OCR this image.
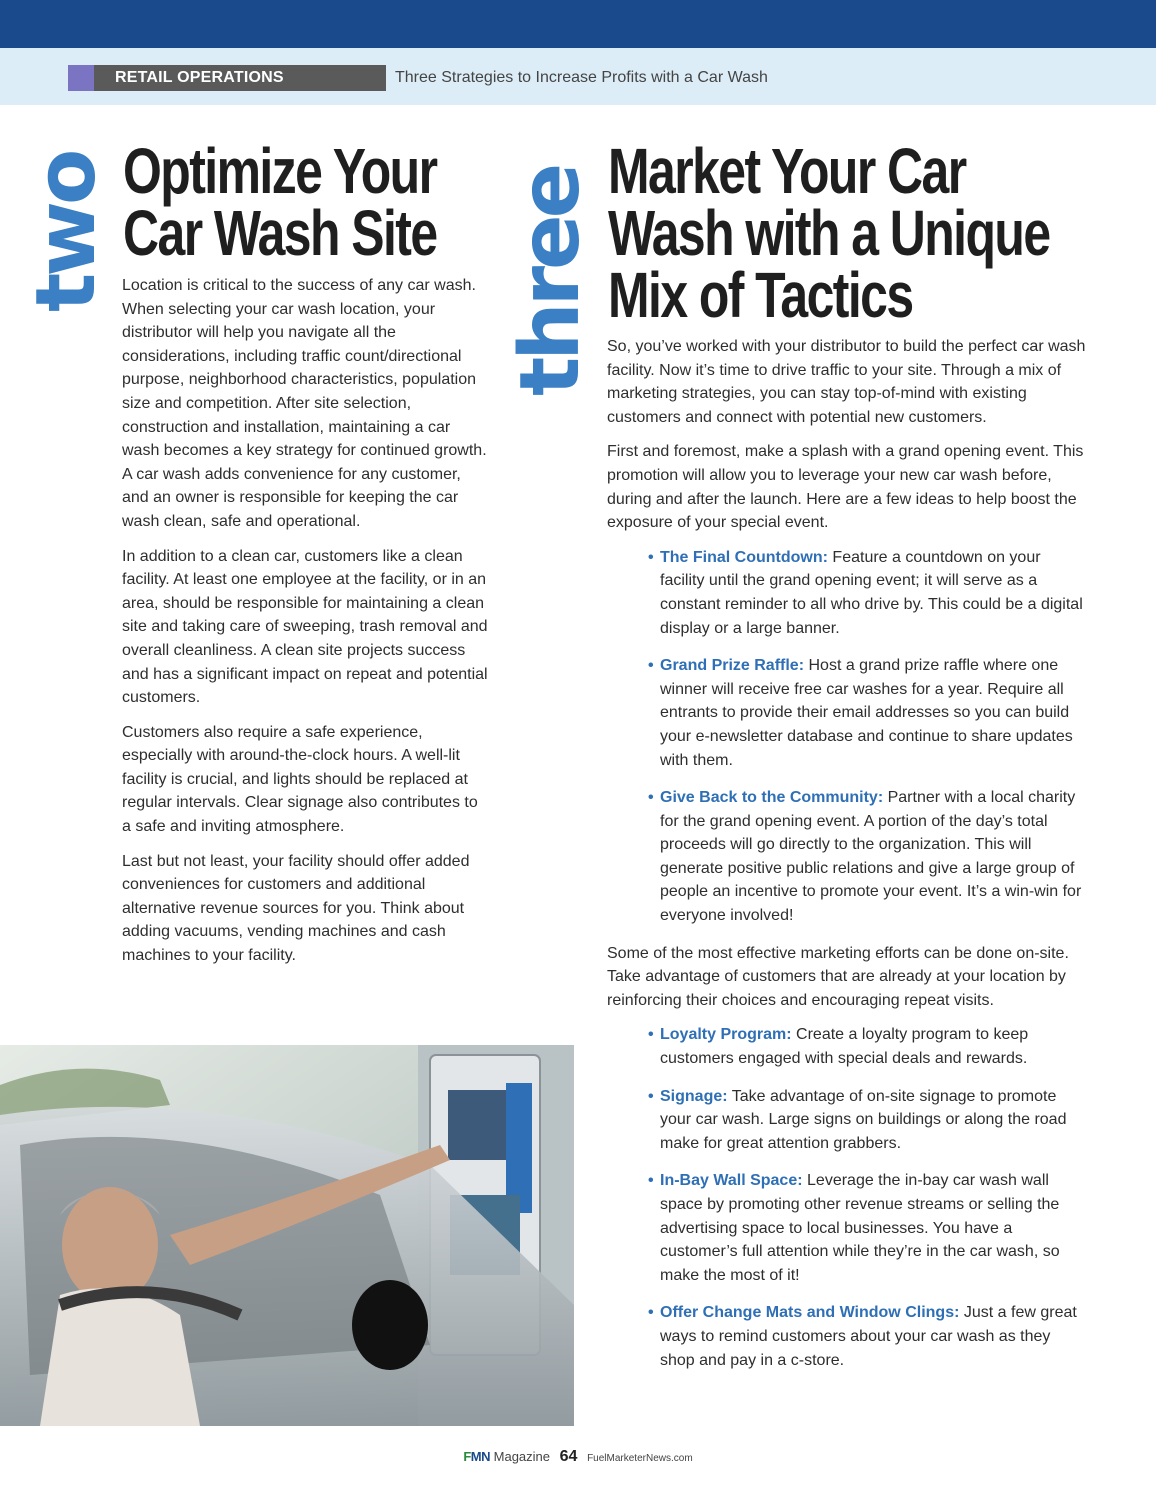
RETAIL OPERATIONS	Three Strategies to Increase Profits with a Car Wash
two Optimize Your
Car Wash Site

Location is critical to the success of any car wash. When selecting your car wash location, your distributor will help you navigate all the considerations, including traffic count/directional purpose, neighborhood characteristics, population size and competition. After site selection, construction and installation, maintaining a car wash becomes a key strategy for continued growth. A car wash adds convenience for any customer, and an owner is responsible for keeping the car wash clean, safe and operational.

In addition to a clean car, customers like a clean facility. At least one employee at the facility, or in an area, should be responsible for maintaining a clean site and taking care of sweeping, trash removal and overall cleanliness. A clean site projects success and has a significant impact on repeat and potential customers.

Customers also require a safe experience, especially with around-the-clock hours. A well-lit facility is crucial, and lights should be replaced at regular intervals. Clear signage also contributes to a safe and inviting atmosphere.

Last but not least, your facility should offer added conveniences for customers and additional alternative revenue sources for you. Think about adding vacuums, vending machines and cash machines to your facility.

three Market Your Car
Wash with a Unique
Mix of Tactics

So, you’ve worked with your distributor to build the perfect car wash facility. Now it’s time to drive traffic to your site. Through a mix of marketing strategies, you can stay top-of-mind with existing customers and connect with potential new customers.

First and foremost, make a splash with a grand opening event. This promotion will allow you to leverage your new car wash before, during and after the launch. Here are a few ideas to help boost the exposure of your special event.

• The Final Countdown: Feature a countdown on your facility until the grand opening event; it will serve as a constant reminder to all who drive by. This could be a digital display or a large banner.
• Grand Prize Raffle: Host a grand prize raffle where one winner will receive free car washes for a year. Require all entrants to provide their email addresses so you can build your e-newsletter database and continue to share updates with them.
• Give Back to the Community: Partner with a local charity for the grand opening event. A portion of the day’s total proceeds will go directly to the organization. This will generate positive public relations and give a large group of people an incentive to promote your event. It’s a win-win for everyone involved!

Some of the most effective marketing efforts can be done on-site. Take advantage of customers that are already at your location by reinforcing their choices and encouraging repeat visits.

• Loyalty Program: Create a loyalty program to keep customers engaged with special deals and rewards.
• Signage: Take advantage of on-site signage to promote your car wash. Large signs on buildings or along the road make for great attention grabbers.
• In-Bay Wall Space: Leverage the in-bay car wash wall space by promoting other revenue streams or selling the advertising space to local businesses. You have a customer’s full attention while they’re in the car wash, so make the most of it!
• Offer Change Mats and Window Clings: Just a few great ways to remind customers about your car wash as they shop and pay in a c-store.
FMN Magazine 64 FuelMarketerNews.com
